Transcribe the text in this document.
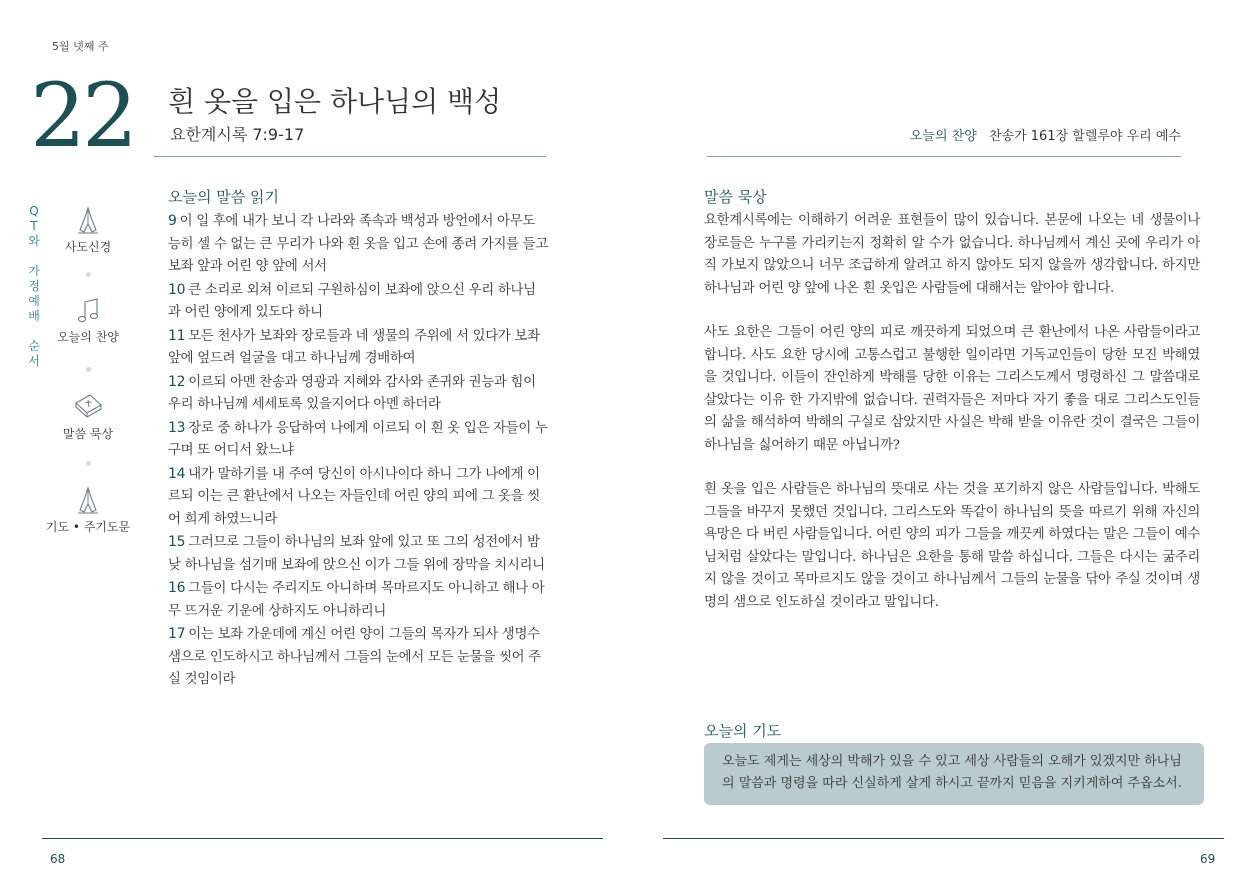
5월 넷째 주
22 흰 옷을 입은 하나님의 백성
요한계시록 7:9-17	오늘의 찬양 찬송가 161장 할렐루야 우리 예수
Q
T
와
가
정
예
배
순
서
사도신경
오늘의 찬양
말씀 묵상
기도 • 주기도문
오늘의 말씀 읽기
9 이 일 후에 내가 보니 각 나라와 족속과 백성과 방언에서 아무도 능히 셀 수 없는 큰 무리가 나와 흰 옷을 입고 손에 종려 가지를 들고 보좌 앞과 어린 양 앞에 서서
10 큰 소리로 외쳐 이르되 구원하심이 보좌에 앉으신 우리 하나님과 어린 양에게 있도다 하니
11 모든 천사가 보좌와 장로들과 네 생물의 주위에 서 있다가 보좌 앞에 엎드려 얼굴을 대고 하나님께 경배하여
12 이르되 아멘 찬송과 영광과 지혜와 감사와 존귀와 권능과 힘이 우리 하나님께 세세토록 있을지어다 아멘 하더라
13 장로 중 하나가 응답하여 나에게 이르되 이 흰 옷 입은 자들이 누구며 또 어디서 왔느냐
14 내가 말하기를 내 주여 당신이 아시나이다 하니 그가 나에게 이르되 이는 큰 환난에서 나오는 자들인데 어린 양의 피에 그 옷을 씻어 희게 하였느니라
15 그러므로 그들이 하나님의 보좌 앞에 있고 또 그의 성전에서 밤낮 하나님을 섬기매 보좌에 앉으신 이가 그들 위에 장막을 치시리니
16 그들이 다시는 주리지도 아니하며 목마르지도 아니하고 해나 아무 뜨거운 기운에 상하지도 아니하리니
17 이는 보좌 가운데에 계신 어린 양이 그들의 목자가 되사 생명수 샘으로 인도하시고 하나님께서 그들의 눈에서 모든 눈물을 씻어 주실 것임이라
말씀 묵상

요한계시록에는 이해하기 어려운 표현들이 많이 있습니다. 본문에 나오는 네 생물이나 장로들은 누구를 가리키는지 정확히 알 수가 없습니다. 하나님께서 계신 곳에 우리가 아직 가보지 않았으니 너무 조급하게 알려고 하지 않아도 되지 않을까 생각합니다. 하지만 하나님과 어린 양 앞에 나온 흰 옷입은 사람들에 대해서는 알아야 합니다.

사도 요한은 그들이 어린 양의 피로 깨끗하게 되었으며 큰 환난에서 나온 사람들이라고 합니다. 사도 요한 당시에 고통스럽고 불행한 일이라면 기독교인들이 당한 모진 박해였을 것입니다. 이들이 잔인하게 박해를 당한 이유는 그리스도께서 명령하신 그 말씀대로 살았다는 이유 한 가지밖에 없습니다. 권력자들은 저마다 자기 좋을 대로 그리스도인들의 삶을 해석하여 박해의 구실로 삼았지만 사실은 박해 받을 이유란 것이 결국은 그들이 하나님을 싫어하기 때문 아닙니까?

흰 옷을 입은 사람들은 하나님의 뜻대로 사는 것을 포기하지 않은 사람들입니다. 박해도 그들을 바꾸지 못했던 것입니다. 그리스도와 똑같이 하나님의 뜻을 따르기 위해 자신의 욕망은 다 버린 사람들입니다. 어린 양의 피가 그들을 깨끗케 하였다는 말은 그들이 예수님처럼 살았다는 말입니다. 하나님은 요한을 통해 말씀 하십니다. 그들은 다시는 굶주리지 않을 것이고 목마르지도 않을 것이고 하나님께서 그들의 눈물을 닦아 주실 것이며 생명의 샘으로 인도하실 것이라고 말입니다.

오늘의 기도
오늘도 제게는 세상의 박해가 있을 수 있고 세상 사람들의 오해가 있겠지만 하나님의 말씀과 명령을 따라 신실하게 살게 하시고 끝까지 믿음을 지키게하여 주옵소서.
68	69
